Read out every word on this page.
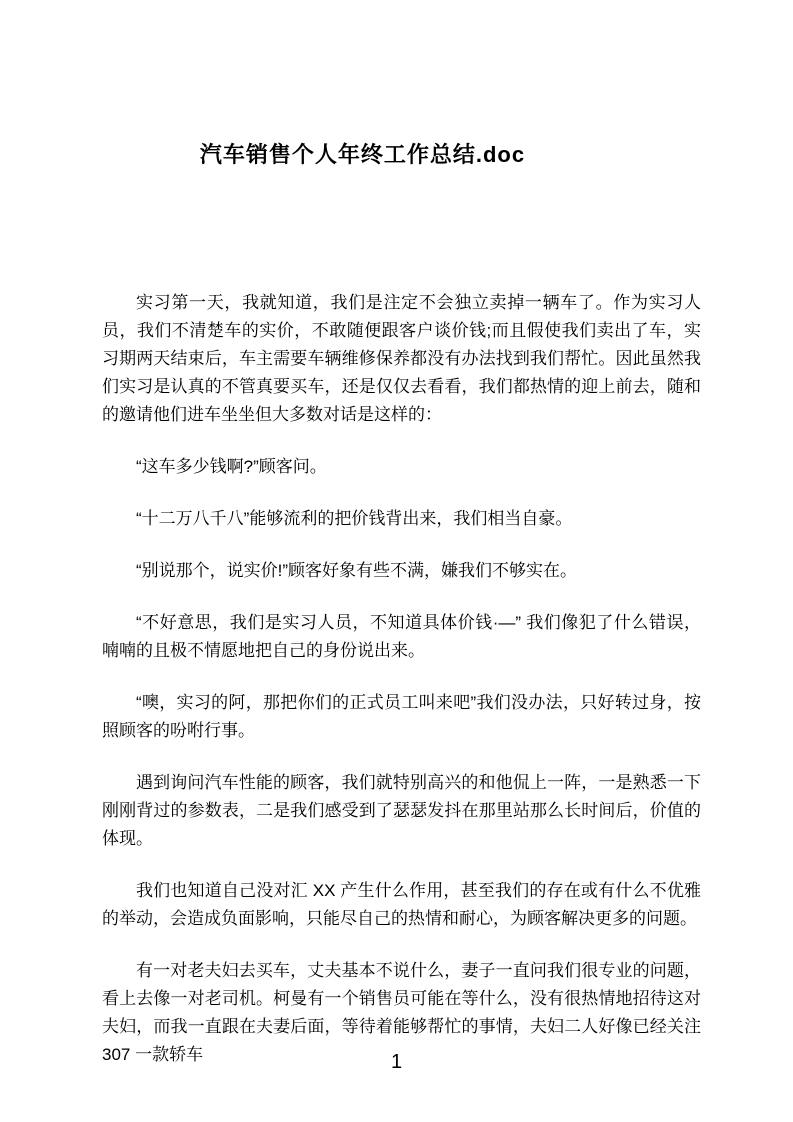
汽车销售个人年终工作总结.doc

实习第一天，我就知道，我们是注定不会独立卖掉一辆车了。作为实习人员，我们不清楚车的实价，不敢随便跟客户谈价钱;而且假使我们卖出了车，实习期两天结束后，车主需要车辆维修保养都没有办法找到我们帮忙。因此虽然我们实习是认真的不管真要买车，还是仅仅去看看，我们都热情的迎上前去，随和的邀请他们进车坐坐但大多数对话是这样的：

“这车多少钱啊?”顾客问。

“十二万八千八”能够流利的把价钱背出来，我们相当自豪。

“别说那个，说实价!”顾客好象有些不满，嫌我们不够实在。

“不好意思，我们是实习人员，不知道具体价钱·—” 我们像犯了什么错误，喃喃的且极不情愿地把自己的身份说出来。

“噢，实习的阿，那把你们的正式员工叫来吧”我们没办法，只好转过身，按照顾客的吩咐行事。

遇到询问汽车性能的顾客，我们就特别高兴的和他侃上一阵，一是熟悉一下刚刚背过的参数表，二是我们感受到了瑟瑟发抖在那里站那么长时间后，价值的体现。

我们也知道自己没对汇 XX 产生什么作用，甚至我们的存在或有什么不优雅的举动，会造成负面影响，只能尽自己的热情和耐心，为顾客解决更多的问题。

有一对老夫妇去买车，丈夫基本不说什么，妻子一直问我们很专业的问题，看上去像一对老司机。柯曼有一个销售员可能在等什么，没有很热情地招待这对夫妇，而我一直跟在夫妻后面，等待着能够帮忙的事情，夫妇二人好像已经关注 307 一款轿车	1
